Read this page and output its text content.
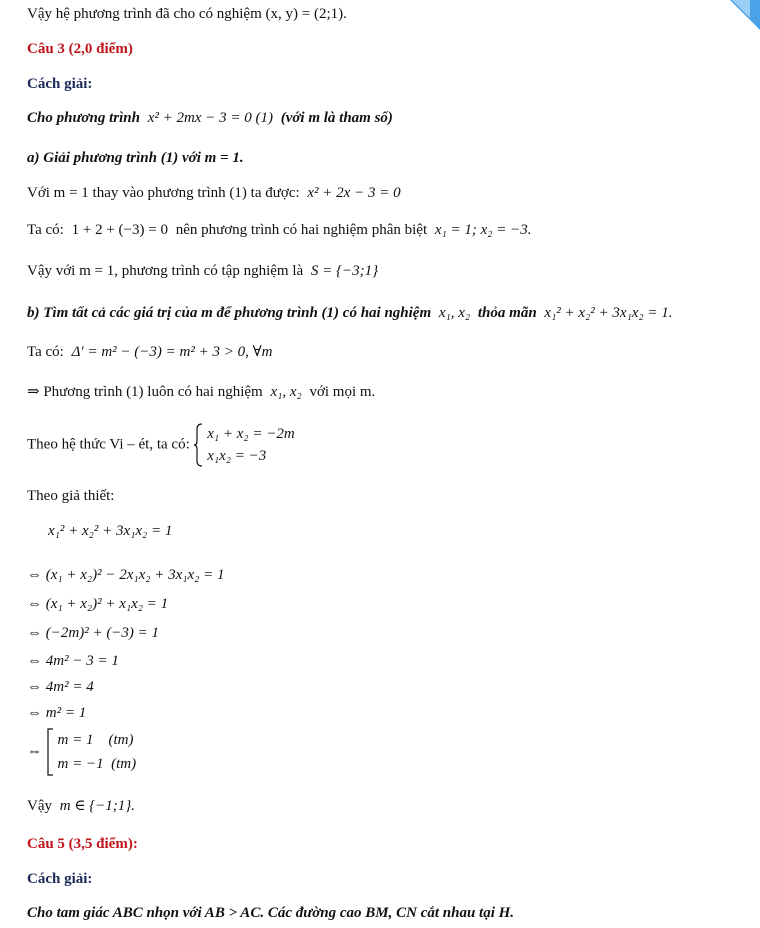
Vậy hệ phương trình đã cho có nghiệm (x, y) = (2;1).
Câu 3 (2,0 điểm)
Cách giải:
Cho phương trình x² + 2mx − 3 = 0 (1) (với m là tham số)
a) Giải phương trình (1) với m = 1.
Với m = 1 thay vào phương trình (1) ta được: x² + 2x − 3 = 0
Ta có: 1 + 2 + (−3) = 0 nên phương trình có hai nghiệm phân biệt x₁ = 1; x₂ = −3.
Vậy với m = 1, phương trình có tập nghiệm là S = {−3;1}
b) Tìm tất cả các giá trị của m để phương trình (1) có hai nghiệm x₁, x₂ thỏa mãn x₁² + x₂² + 3x₁x₂ = 1.
Ta có: Δ′ = m² − (−3) = m² + 3 > 0, ∀m
⇒ Phương trình (1) luôn có hai nghiệm x₁, x₂ với mọi m.
Theo hệ thức Vi – ét, ta có:
x₁ + x₂ = −2m
x₁x₂ = −3
Theo giả thiết:
x₁² + x₂² + 3x₁x₂ = 1
⇔ (x₁ + x₂)² − 2x₁x₂ + 3x₁x₂ = 1
⇔ (x₁ + x₂)² + x₁x₂ = 1
⇔ (−2m)² + (−3) = 1
⇔ 4m² − 3 = 1
⇔ 4m² = 4
⇔ m² = 1
⇔
m = 1    (tm)
m = −1  (tm)
Vậy m ∈ {−1;1}.
Câu 5 (3,5 điểm):
Cách giải:
Cho tam giác ABC nhọn với AB > AC. Các đường cao BM, CN cắt nhau tại H.
